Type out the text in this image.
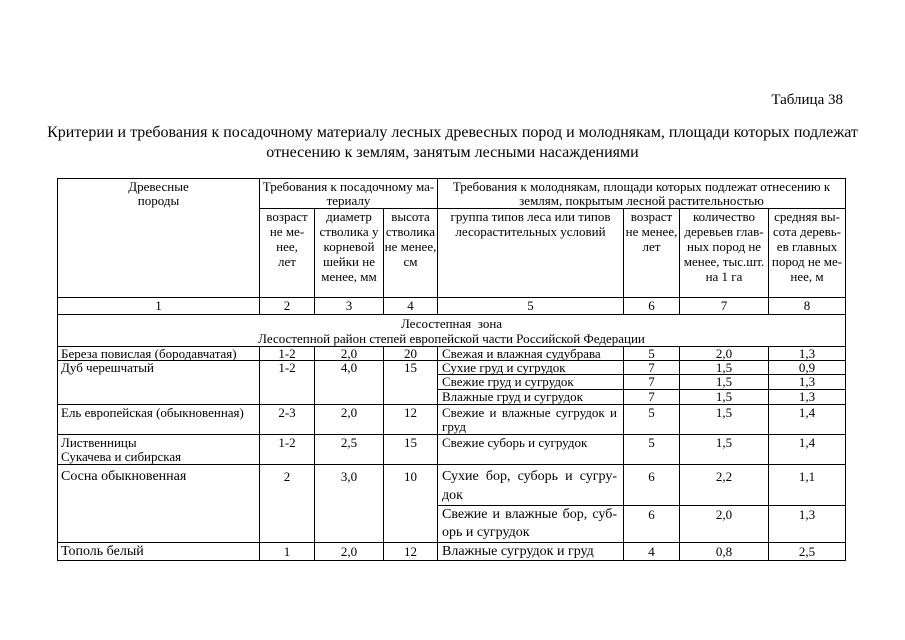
Таблица 38
Критерии и требования к посадочному материалу лесных древесных пород и молоднякам, площади которых подлежат
отнесению к землям, занятым лесными насаждениями
Древесные
породы	Требования к посадочному ма-
териалу			Требования к молоднякам, площади которых подлежат отнесению к
землям, покрытым лесной растительностью			

	возраст
не ме-
нее,
лет	диаметр
стволика у
корневой
шейки не
менее, мм	высота
стволика
не менее,
см	группа типов леса или типов
лесорастительных условий	возраст
не менее,
лет	количество
деревьев глав-
ных пород не
менее, тыс.шт.
на 1 га	средняя вы-
сота деревь-
ев главных
пород не ме-
нее, м

1	2	3	4	5	6	7	8

Лесостепная  зона
Лесостепной район степей европейской части Российской Федерации							

Береза повислая (бородавчатая)	1-2	2,0	20	Свежая и влажная судубрава	5	2,0	1,3

Дуб черешчатый	1-2	4,0	15	Сухие груд и сугрудок	7	1,5	0,9

				Свежие груд и сугрудок	7	1,5	1,3

				Влажные груд и сугрудок	7	1,5	1,3

Ель европейская (обыкновенная)	2-3	2,0	12	Свежие и влажные сугрудок и
груд	5	1,5	1,4

Лиственницы
Сукачева и сибирская	1-2	2,5	15	Свежие суборь и сугрудок	5	1,5	1,4

Сосна обыкновенная	2	3,0	10	Сухие бор, суборь и сугру-
док	6	2,2	1,1

				Свежие и влажные бор, суб-
орь и сугрудок	6	2,0	1,3

Тополь белый	1	2,0	12	Влажные сугрудок и груд	4	0,8	2,5
